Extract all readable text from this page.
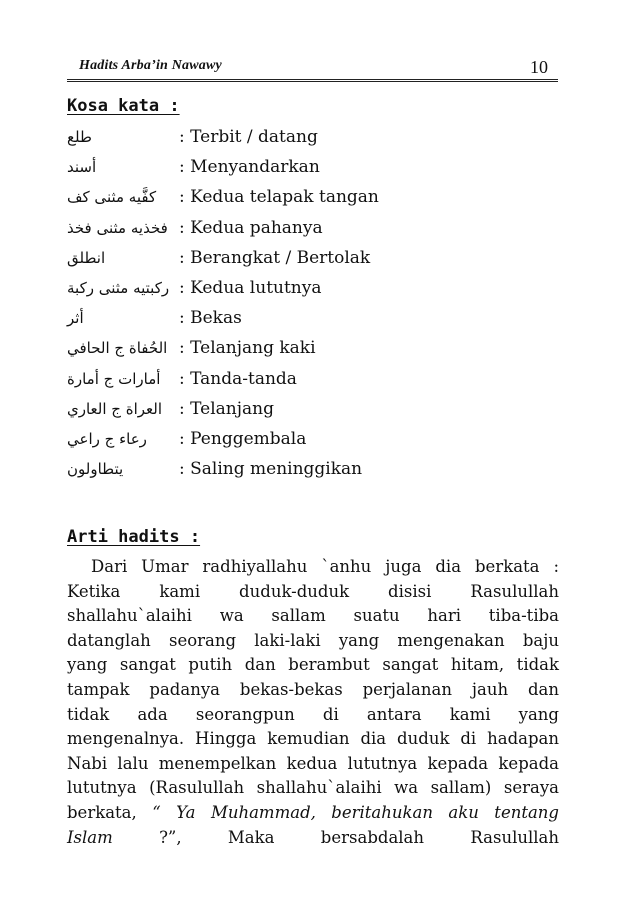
Hadits Arba’in Nawawy	10
Kosa kata :
طلع	: Terbit / datang
أسند	: Menyandarkan
كفَّيه مثنى كف	: Kedua telapak tangan
فخذيه مثنى فخذ : Kedua pahanya
انطلق	: Berangkat / Bertolak
ركبتيه مثنى ركبة : Kedua lututnya
أثر	: Bekas
الحُفاة ج الحافي : Telanjang kaki
أمارات ج أمارة	: Tanda-tanda
العراة ج العاري : Telanjang
رعاء ج راعي	: Penggembala
يتطاولون	: Saling meninggikan
Arti hadits :
Dari Umar radhiyallahu `anhu juga dia berkata :
Ketika kami duduk-duduk disisi Rasulullah
shallahu`alaihi wa sallam suatu hari tiba-tiba
datanglah seorang laki-laki yang mengenakan baju
yang sangat putih dan berambut sangat hitam, tidak
tampak padanya bekas-bekas perjalanan jauh dan
tidak ada seorangpun di antara kami yang
mengenalnya. Hingga kemudian dia duduk di hadapan
Nabi lalu menempelkan kedua lututnya kepada kepada
lututnya (Rasulullah shallahu`alaihi wa sallam) seraya
berkata, “ Ya Muhammad, beritahukan aku tentang
Islam ?”, Maka bersabdalah Rasulullah
